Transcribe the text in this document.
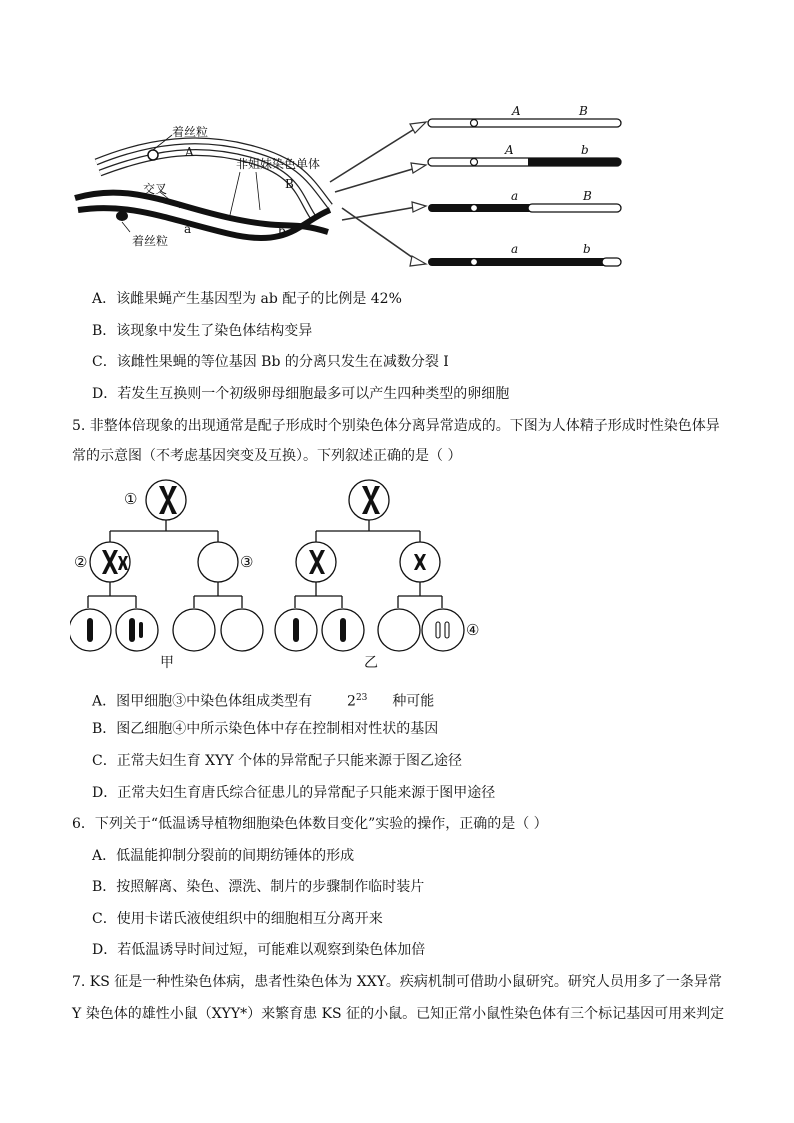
着丝粒
A
非姐妹染色单体
交叉	B
a	b
着丝粒
A	B
A	b
a	B
a	b
A．该雌果蝇产生基因型为 ab 配子的比例是 42%
B．该现象中发生了染色体结构变异
C．该雌性果蝇的等位基因 Bb 的分离只发生在减数分裂 I
D．若发生互换则一个初级卵母细胞最多可以产生四种类型的卵细胞
5. 非整体倍现象的出现通常是配子形成时个别染色体分离异常造成的。下图为人体精子形成时性染色体异
常的示意图（不考虑基因突变及互换）。下列叙述正确的是（ ）
①
②	③
④
甲	乙
A．图甲细胞③中染色体组成类型有 $2^{23}$ 种可能
B．图乙细胞④中所示染色体中存在控制相对性状的基因
C．正常夫妇生育 XYY 个体的异常配子只能来源于图乙途径
D．正常夫妇生育唐氏综合征患儿的异常配子只能来源于图甲途径
6．下列关于“低温诱导植物细胞染色体数目变化”实验的操作，正确的是（ ）
A．低温能抑制分裂前的间期纺锤体的形成
B．按照解离、染色、漂洗、制片的步骤制作临时装片
C．使用卡诺氏液使组织中的细胞相互分离开来
D．若低温诱导时间过短，可能难以观察到染色体加倍
7. KS 征是一种性染色体病，患者性染色体为 XXY。疾病机制可借助小鼠研究。研究人员用多了一条异常
Y 染色体的雄性小鼠（XYY*）来繁育患 KS 征的小鼠。已知正常小鼠性染色体有三个标记基因可用来判定
